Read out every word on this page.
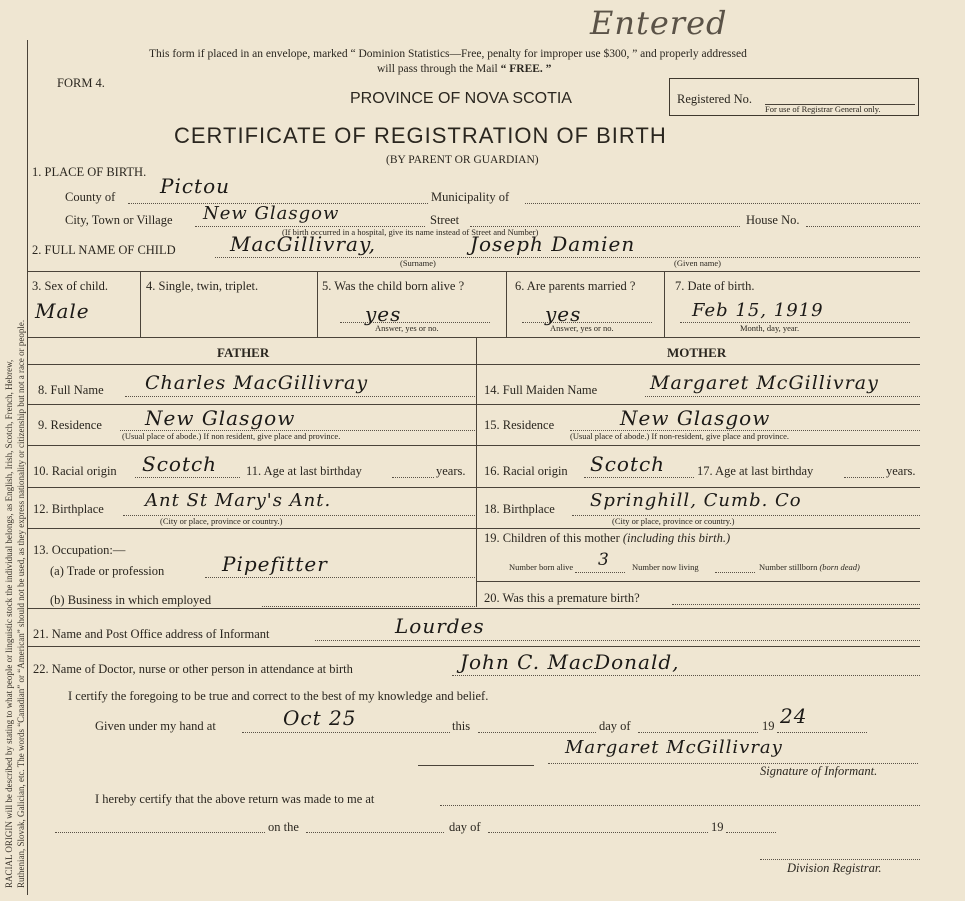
RACIAL ORIGIN will be described by stating to what people or linguistic stock the individual belongs, as English, Irish, Scotch, French, Hebrew, Ruthenian, Slovak, Galician, etc. The words “Canadian” or “American” should not be used, as they express nationality or citizenship but not a race or people.
Entered
This form if placed in an envelope, marked “ Dominion Statistics—Free, penalty for improper use $300, ” and properly addressed
will pass through the Mail “ FREE. ”
FORM 4.
PROVINCE OF NOVA SCOTIA	Registered No.
For use of Registrar General only.
CERTIFICATE OF REGISTRATION OF BIRTH
(BY PARENT OR GUARDIAN)
1. PLACE OF BIRTH.
County of Pictou	Municipality of
City, Town or Village New Glasgow	Street
(If birth occurred in a hospital, give its name instead of Street and Number)
House No.
2. FULL NAME OF CHILD	MacGillivray,	Joseph Damien
(Surname)	(Given name)
3. Sex of child.
Male
4. Single, twin, triplet.	5. Was the child born alive ?
yes
Answer, yes or no.
6. Are parents married ?
yes
Answer, yes or no.
7. Date of birth.
Feb 15, 1919
Month, day, year.
FATHER	MOTHER
8. Full Name Charles MacGillivray	14. Full Maiden Name	Margaret McGillivray
9. Residence New Glasgow
(Usual place of abode.) If non resident, give place and province.
15. Residence	New Glasgow
(Usual place of abode.) If non-resident, give place and province.
10. Racial origin Scotch 11. Age at last birthday	years. 16. Racial origin Scotch	17. Age at last birthday	years.
12. Birthplace Ant St Mary's Ant.
(City or place, province or country.)
18. Birthplace Springhill, Cumb. Co
(City or place, province or country.)
13. Occupation:—
19. Children of this mother (including this birth.)
Number born alive 3	Number now living	Number stillborn (born dead)
(a) Trade or profession	Pipefitter
(b) Business in which employed	20. Was this a premature birth?
21. Name and Post Office address of Informant	Lourdes
22. Name of Doctor, nurse or other person in attendance at birth	John C. MacDonald,
I certify the foregoing to be true and correct to the best of my knowledge and belief.
Given under my hand at	Oct 25	this	day of	19 24
Margaret McGillivray
Signature of Informant.
I hereby certify that the above return was made to me at
on the	day of	19
Division Registrar.
